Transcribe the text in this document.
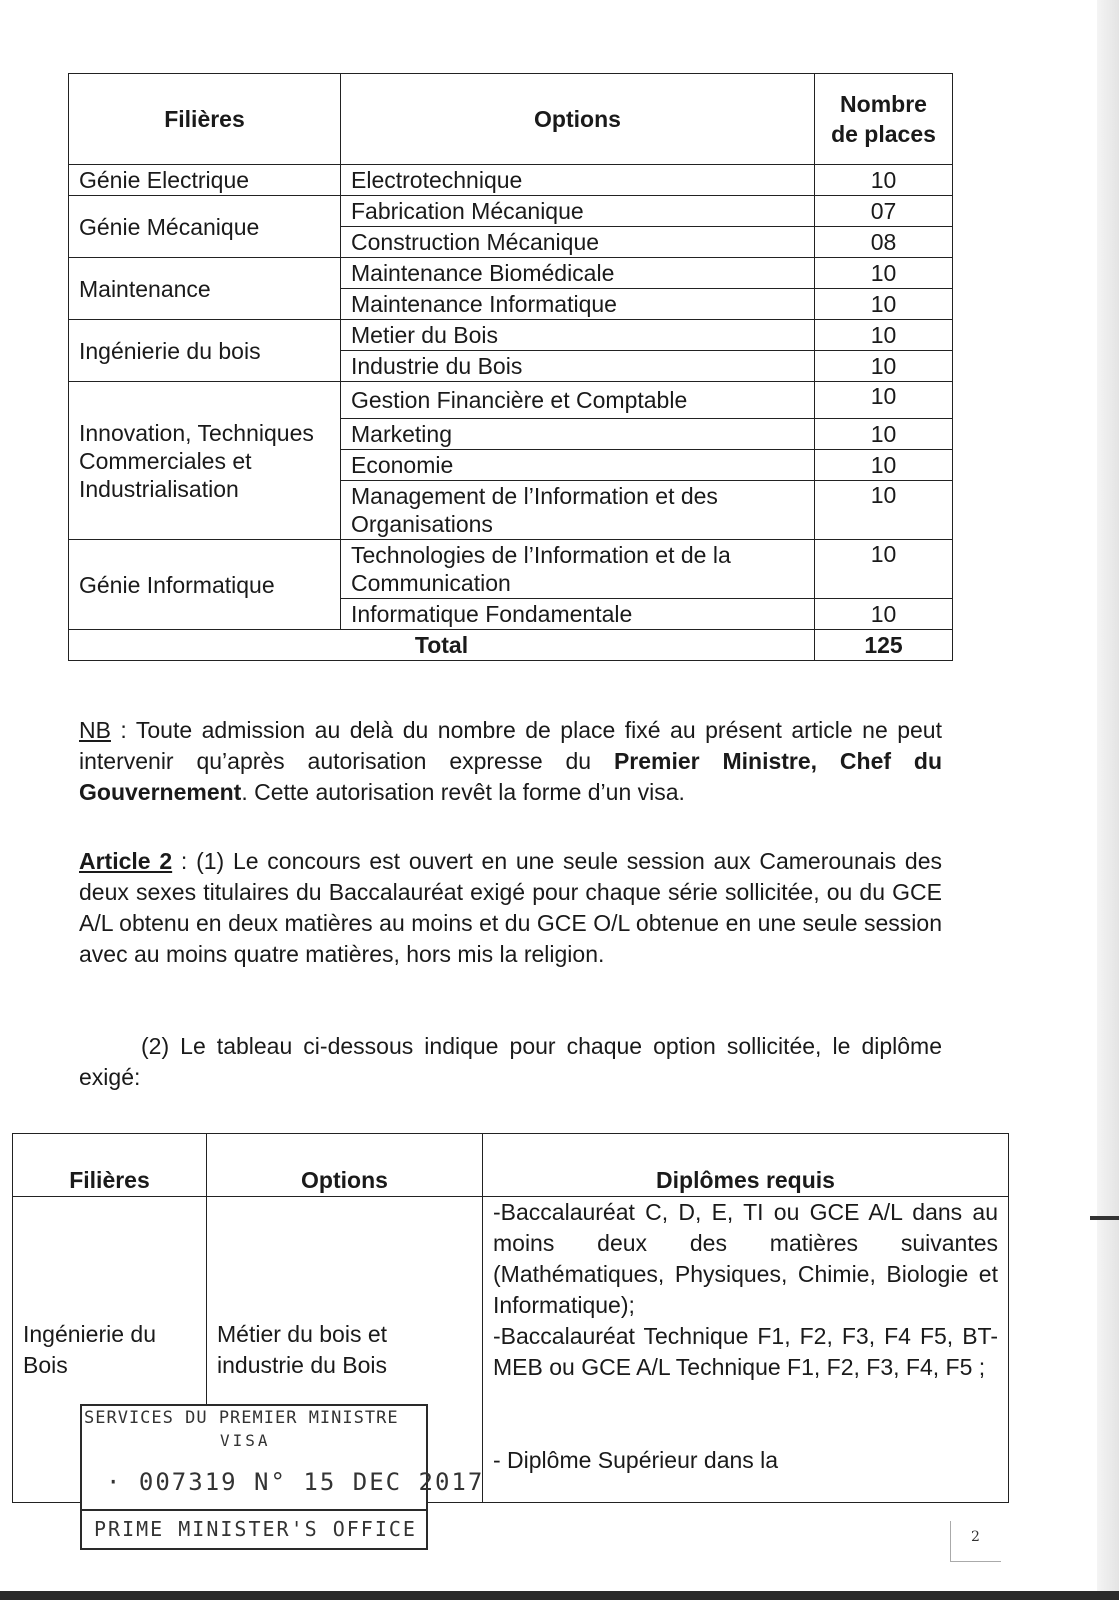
Filières	Options	Nombre de places
Génie Electrique	Electrotechnique	10
Génie Mécanique	Fabrication Mécanique	07
	Construction Mécanique	08
Maintenance	Maintenance Biomédicale	10
	Maintenance Informatique	10
Ingénierie du bois	Metier du Bois	10
	Industrie du Bois	10
Innovation, Techniques Commerciales et Industrialisation	Gestion Financière et Comptable	10
	Marketing	10
	Economie	10
	Management de l’Information et des Organisations	10
Génie Informatique	Technologies de l’Information et de la Communication	10
	Informatique Fondamentale	10
Total		125
NB : Toute admission au delà du nombre de place fixé au présent article ne peut intervenir qu’après autorisation expresse du Premier Ministre, Chef du Gouvernement. Cette autorisation revêt la forme d’un visa.
Article 2 : (1) Le concours est ouvert en une seule session aux Camerounais des deux sexes titulaires du Baccalauréat exigé pour chaque série sollicitée, ou du GCE A/L obtenu en deux matières au moins et du GCE O/L obtenue en une seule session avec au moins quatre matières, hors mis la religion.
(2) Le tableau ci-dessous indique pour chaque option sollicitée, le diplôme exigé:
Filières	Options	Diplômes requis
Ingénierie du Bois	Métier du bois et industrie du Bois	-Baccalauréat C, D, E, TI ou GCE A/L dans au moins deux des matières suivantes (Mathématiques, Physiques, Chimie, Biologie et Informatique);
-Baccalauréat Technique F1, F2, F3, F4 F5, BT-MEB ou GCE A/L Technique F1, F2, F3, F4, F5 ;
- Diplôme Supérieur dans la
SERVICES DU PREMIER MINISTRE
VISA
· 007319 N° 15 DEC 2017
PRIME MINISTER'S OFFICE	2
